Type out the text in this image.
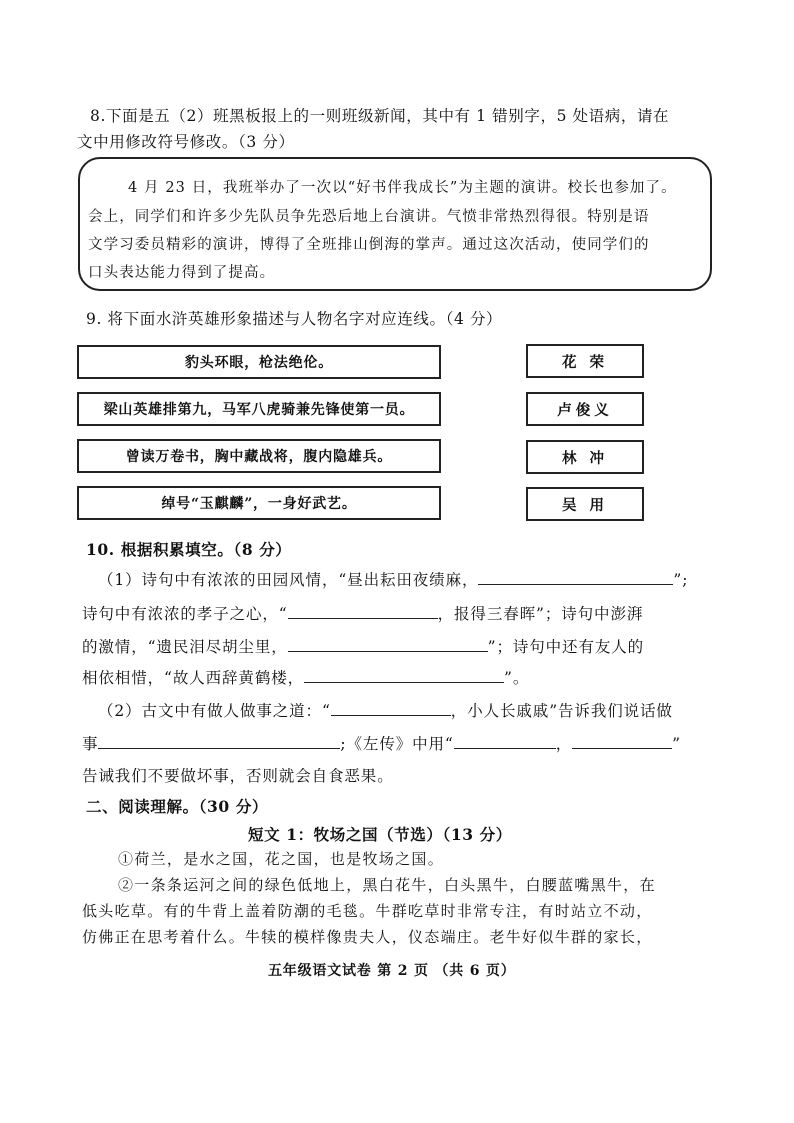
8.下面是五（2）班黑板报上的一则班级新闻，其中有 1 错别字，5 处语病，请在
文中用修改符号修改。（3 分）
4 月 23 日，我班举办了一次以“好书伴我成长”为主题的演讲。校长也参加了。
会上，同学们和许多少先队员争先恐后地上台演讲。气愤非常热烈得很。特别是语
文学习委员精彩的演讲，博得了全班排山倒海的掌声。通过这次活动，使同学们的
口头表达能力得到了提高。
9. 将下面水浒英雄形象描述与人物名字对应连线。（4 分）
豹头环眼，枪法绝伦。
梁山英雄排第九，马军八虎骑兼先锋使第一员。
曾读万卷书，胸中藏战将，腹内隐雄兵。
绰号“玉麒麟”，一身好武艺。
花 荣
卢俊义
林 冲
吴 用
10. 根据积累填空。（8 分）
（1）诗句中有浓浓的田园风情，“昼出耘田夜绩麻，	”;
诗句中有浓浓的孝子之心，“	，报得三春晖”；诗句中澎湃
的激情，“遗民泪尽胡尘里，	”；诗句中还有友人的
相依相惜，“故人西辞黄鹤楼，	”。
（2）古文中有做人做事之道：“	，小人长戚戚”告诉我们说话做
事	;《左传》中用“	，	”
告诫我们不要做坏事，否则就会自食恶果。
二、阅读理解。（30 分）
短文 1：牧场之国（节选）（13 分）
①荷兰，是水之国，花之国，也是牧场之国。
②一条条运河之间的绿色低地上，黑白花牛，白头黑牛，白腰蓝嘴黑牛，在
低头吃草。有的牛背上盖着防潮的毛毯。牛群吃草时非常专注，有时站立不动，
仿佛正在思考着什么。牛犊的模样像贵夫人，仪态端庄。老牛好似牛群的家长，
五年级语文试卷 第 2 页 （共 6 页）
